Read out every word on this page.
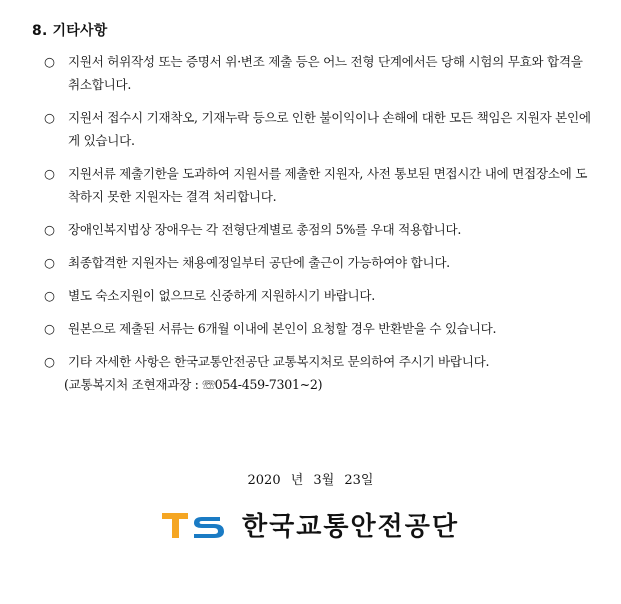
8. 기타사항
○ 지원서 허위작성 또는 증명서 위·변조 제출 등은 어느 전형 단계에서든 당해 시험의 무효와 합격을 취소합니다.
○ 지원서 접수시 기재착오, 기재누락 등으로 인한 불이익이나 손해에 대한 모든 책임은 지원자 본인에게 있습니다.
○ 지원서류 제출기한을 도과하여 지원서를 제출한 지원자, 사전 통보된 면접시간 내에 면접장소에 도착하지 못한 지원자는 결격 처리합니다.
○ 장애인복지법상 장애우는 각 전형단계별로 총점의 5%를 우대 적용합니다.
○ 최종합격한 지원자는 채용예정일부터 공단에 출근이 가능하여야 합니다.
○ 별도 숙소지원이 없으므로 신중하게 지원하시기 바랍니다.
○ 원본으로 제출된 서류는 6개월 이내에 본인이 요청할 경우 반환받을 수 있습니다.
○ 기타 자세한 사항은 한국교통안전공단 교통복지처로 문의하여 주시기 바랍니다.
(교통복지처 조현재과장 : ☏054-459-7301~2)
2020 년 3월 23일
한국교통안전공단
